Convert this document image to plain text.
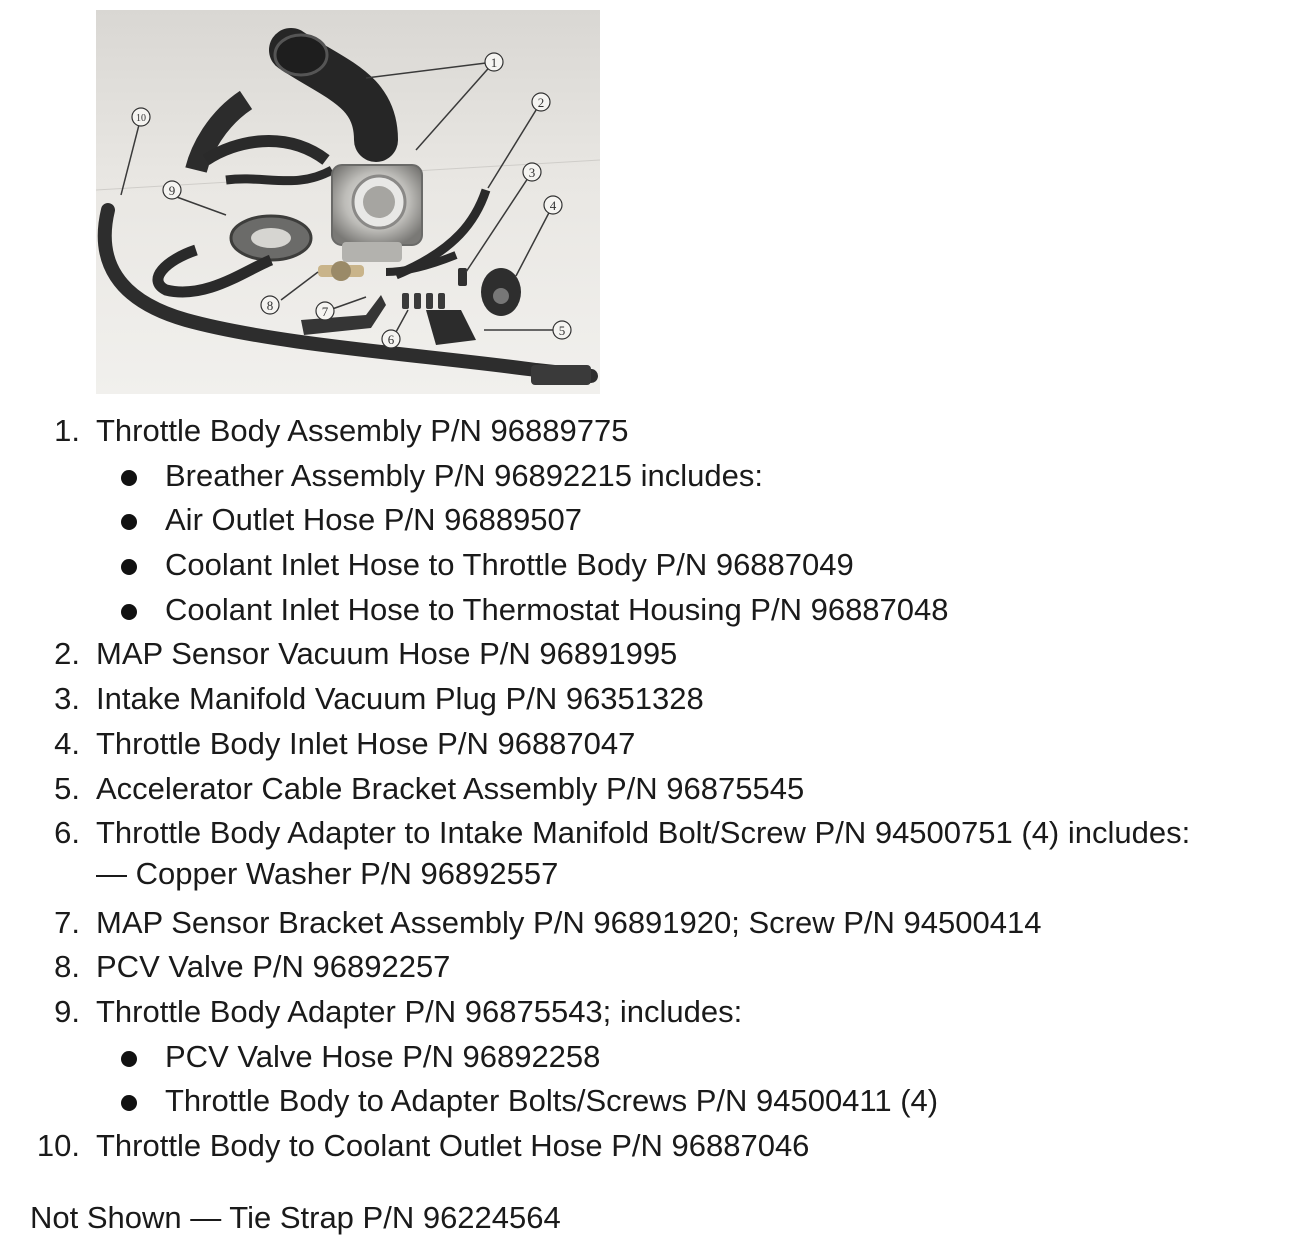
1
2
3
4
5
6
7
8
9
10
1. Throttle Body Assembly P/N 96889775
Breather Assembly P/N 96892215 includes:
Air Outlet Hose P/N 96889507
Coolant Inlet Hose to Throttle Body P/N 96887049
Coolant Inlet Hose to Thermostat Housing P/N 96887048
2. MAP Sensor Vacuum Hose P/N 96891995
3. Intake Manifold Vacuum Plug P/N 96351328
4. Throttle Body Inlet Hose P/N 96887047
5. Accelerator Cable Bracket Assembly P/N 96875545
6. Throttle Body Adapter to Intake Manifold Bolt/Screw P/N 94500751 (4) includes:
— Copper Washer P/N 96892557
7. MAP Sensor Bracket Assembly P/N 96891920; Screw P/N 94500414
8. PCV Valve P/N 96892257
9. Throttle Body Adapter P/N 96875543; includes:
PCV Valve Hose P/N 96892258
Throttle Body to Adapter Bolts/Screws P/N 94500411 (4)
10. Throttle Body to Coolant Outlet Hose P/N 96887046
Not Shown — Tie Strap P/N 96224564
